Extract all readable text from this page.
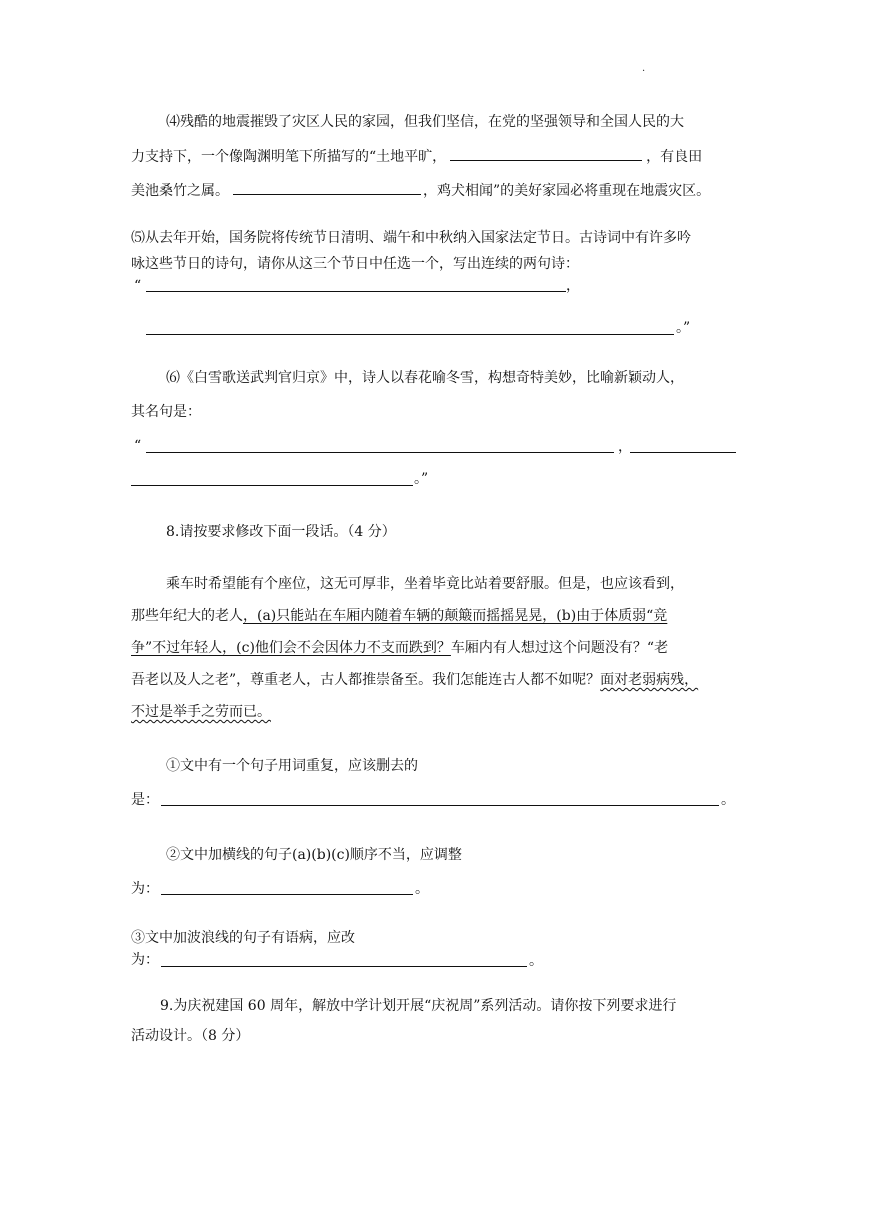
·
⑷残酷的地震摧毁了灾区人民的家园，但我们坚信，在党的坚强领导和全国人民的大
力支持下，一个像陶渊明笔下所描写的“土地平旷，	，有良田
美池桑竹之属。	，鸡犬相闻”的美好家园必将重现在地震灾区。
⑸从去年开始，国务院将传统节日清明、端午和中秋纳入国家法定节日。古诗词中有许多吟
咏这些节日的诗句，请你从这三个节日中任选一个，写出连续的两句诗：
“	，
。”
⑹《白雪歌送武判官归京》中，诗人以春花喻冬雪，构想奇特美妙，比喻新颖动人，
其名句是：
“	，
。”
8.请按要求修改下面一段话。（4 分）
乘车时希望能有个座位，这无可厚非，坐着毕竟比站着要舒服。但是，也应该看到，
那些年纪大的老人，(a)只能站在车厢内随着车辆的颠簸而摇摇晃晃，(b)由于体质弱“竞
争”不过年轻人，(c)他们会不会因体力不支而跌到？车厢内有人想过这个问题没有？“老
吾老以及人之老”，尊重老人，古人都推崇备至。我们怎能连古人都不如呢？面对老弱病残，
不过是举手之劳而已。
①文中有一个句子用词重复，应该删去的
是：	。
②文中加横线的句子(a)(b)(c)顺序不当，应调整
为：	。
③文中加波浪线的句子有语病，应改
为：	。
9.为庆祝建国 60 周年，解放中学计划开展“庆祝周”系列活动。请你按下列要求进行
活动设计。（8 分）
